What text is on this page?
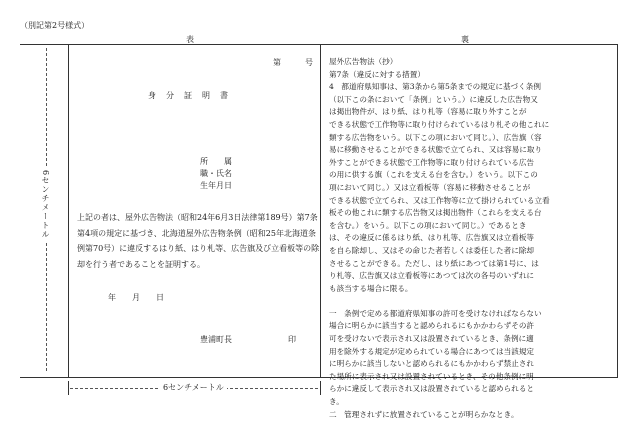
（別記第2号様式）
表	裏
6センチメートル
6センチメートル
第　　　号
身　分　証　明　書
所　　属
職・氏名
生年月日
上記の者は、屋外広告物法（昭和24年6月3日法律第189号）第7条
第4項の規定に基づき、北海道屋外広告物条例（昭和25年北海道条
例第70号）に違反するはり紙、はり札等、広告旗及び立看板等の除
却を行う者であることを証明する。
年　　月　　日
豊浦町長	印
屋外広告物法（抄）
第7条（違反に対する措置）
4　都道府県知事は、第3条から第5条までの規定に基づく条例
（以下この条において「条例」という。）に違反した広告物又
は掲出物件が、はり紙、はり札等（容易に取り外すことが
できる状態で工作物等に取り付けられているはり札その他これに
類する広告物をいう。以下この項において同じ。）、広告旗（容
易に移動させることができる状態で立てられ、又は容易に取り
外すことができる状態で工作物等に取り付けられている広告
の用に供する旗（これを支える台を含む。）をいう。以下この
項において同じ。）又は立看板等（容易に移動させることが
できる状態で立てられ、又は工作物等に立て掛けられている立看
板その他これに類する広告物又は掲出物件（これらを支える台
を含む。）をいう。以下この項において同じ。）であるとき
は、その違反に係るはり紙、はり札等、広告旗又は立看板等
を自ら除却し、又はその命じた者若しくは委任した者に除却
させることができる。ただし、はり紙にあつては第1号に、は
り札等、広告旗又は立看板等にあつては次の各号のいずれに
も該当する場合に限る。

一　条例で定める都道府県知事の許可を受けなければならない
場合に明らかに該当すると認められるにもかかわらずその許
可を受けないで表示され又は設置されているとき、条例に適
用を除外する規定が定められている場合にあつては当該規定
に明らかに該当しないと認められるにもかかわらず禁止され
た場所に表示され又は設置されているとき、その他条例に明
らかに違反して表示され又は設置されていると認められると
き。
二　管理されずに放置されていることが明らかなとき。
